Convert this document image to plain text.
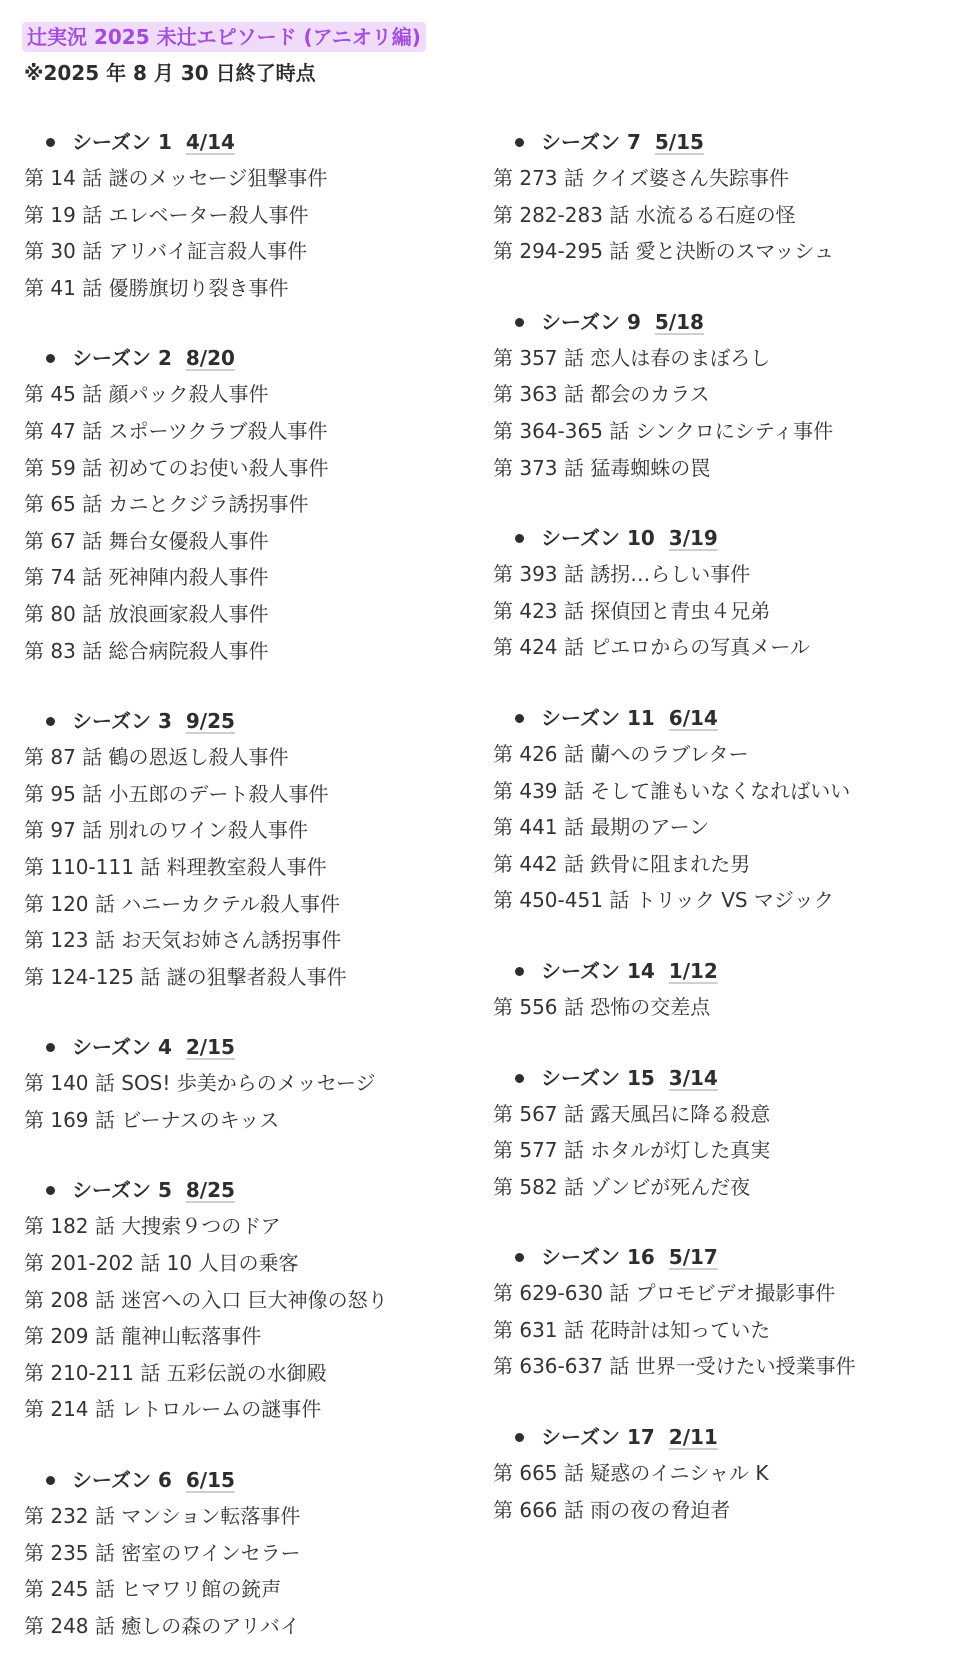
辻実況 2025 未辻エピソード (アニオリ編)
※2025 年 8 月 30 日終了時点
シーズン 1 4/14
第 14 話 謎のメッセージ狙撃事件
第 19 話 エレベーター殺人事件
第 30 話 アリバイ証言殺人事件
第 41 話 優勝旗切り裂き事件
シーズン 2 8/20
第 45 話 顔パック殺人事件
第 47 話 スポーツクラブ殺人事件
第 59 話 初めてのお使い殺人事件
第 65 話 カニとクジラ誘拐事件
第 67 話 舞台女優殺人事件
第 74 話 死神陣内殺人事件
第 80 話 放浪画家殺人事件
第 83 話 総合病院殺人事件
シーズン 3 9/25
第 87 話 鶴の恩返し殺人事件
第 95 話 小五郎のデート殺人事件
第 97 話 別れのワイン殺人事件
第 110-111 話 料理教室殺人事件
第 120 話 ハニーカクテル殺人事件
第 123 話 お天気お姉さん誘拐事件
第 124-125 話 謎の狙撃者殺人事件
シーズン 4 2/15
第 140 話 SOS! 歩美からのメッセージ
第 169 話 ビーナスのキッス
シーズン 5 8/25
第 182 話 大捜索９つのドア
第 201-202 話 10 人目の乗客
第 208 話 迷宮への入口 巨大神像の怒り
第 209 話 龍神山転落事件
第 210-211 話 五彩伝説の水御殿
第 214 話 レトロルームの謎事件
シーズン 6 6/15
第 232 話 マンション転落事件
第 235 話 密室のワインセラー
第 245 話 ヒマワリ館の銃声
第 248 話 癒しの森のアリバイ
シーズン 7 5/15
第 273 話 クイズ婆さん失踪事件
第 282-283 話 水流るる石庭の怪
第 294-295 話 愛と決断のスマッシュ
シーズン 9 5/18
第 357 話 恋人は春のまぼろし
第 363 話 都会のカラス
第 364-365 話 シンクロにシティ事件
第 373 話 猛毒蜘蛛の罠
シーズン 10 3/19
第 393 話 誘拐…らしい事件
第 423 話 探偵団と青虫４兄弟
第 424 話 ピエロからの写真メール
シーズン 11 6/14
第 426 話 蘭へのラブレター
第 439 話 そして誰もいなくなればいい
第 441 話 最期のアーン
第 442 話 鉄骨に阻まれた男
第 450-451 話 トリック VS マジック
シーズン 14 1/12
第 556 話 恐怖の交差点
シーズン 15 3/14
第 567 話 露天風呂に降る殺意
第 577 話 ホタルが灯した真実
第 582 話 ゾンビが死んだ夜
シーズン 16 5/17
第 629-630 話 プロモビデオ撮影事件
第 631 話 花時計は知っていた
第 636-637 話 世界一受けたい授業事件
シーズン 17 2/11
第 665 話 疑惑のイニシャル K
第 666 話 雨の夜の脅迫者
